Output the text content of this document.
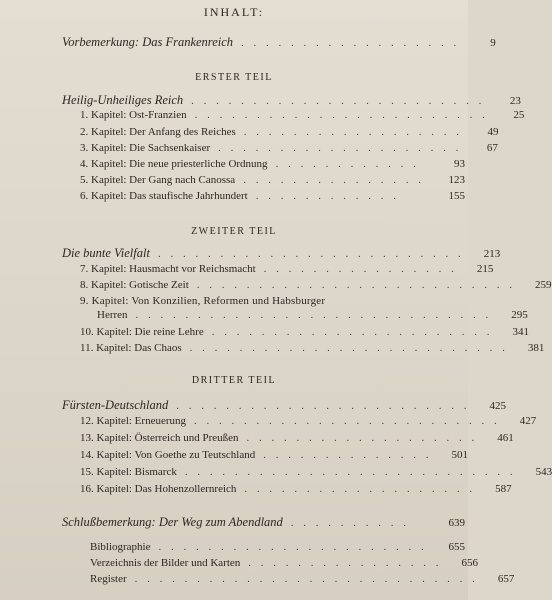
INHALT:
Vorbemerkung: Das Frankenreich . . . . . . . . . . . . . . . . . .	9
ERSTER TEIL
Heilig-Unheiliges Reich . . . . . . . . . . . . . . . . . . . . . . . .	23
1. Kapitel: Ost-Franzien . . . . . . . . . . . . . . . . . . . . . . . .	25
2. Kapitel: Der Anfang des Reiches . . . . . . . . . . . . . . . . . .	49
3. Kapitel: Die Sachsenkaiser . . . . . . . . . . . . . . . . . . . .	67
4. Kapitel: Die neue priesterliche Ordnung . . . . . . . . . . . .	93
5. Kapitel: Der Gang nach Canossa . . . . . . . . . . . . . . .	123
6. Kapitel: Das staufische Jahrhundert . . . . . . . . . . . .	155
ZWEITER TEIL
Die bunte Vielfalt . . . . . . . . . . . . . . . . . . . . . . . . .	213
7. Kapitel: Hausmacht vor Reichsmacht . . . . . . . . . . . . . . . .	215
8. Kapitel: Gotische Zeit . . . . . . . . . . . . . . . . . . . . . . . . . .	259
9. Kapitel: Von Konzilien, Reformen und Habsburger
Herren . . . . . . . . . . . . . . . . . . . . . . . . . . . . .	295
10. Kapitel: Die reine Lehre . . . . . . . . . . . . . . . . . . . . . . .	341
11. Kapitel: Das Chaos . . . . . . . . . . . . . . . . . . . . . . . . . .	381
DRITTER TEIL
Fürsten-Deutschland . . . . . . . . . . . . . . . . . . . . . . . .	425
12. Kapitel: Erneuerung . . . . . . . . . . . . . . . . . . . . . . . . .	427
13. Kapitel: Österreich und Preußen . . . . . . . . . . . . . . . . . . .	461
14. Kapitel: Von Goethe zu Teutschland . . . . . . . . . . . . . .	501
15. Kapitel: Bismarck . . . . . . . . . . . . . . . . . . . . . . . . . . .	543
16. Kapitel: Das Hohenzollernreich . . . . . . . . . . . . . . . . . . .	587
Schlußbemerkung: Der Weg zum Abendland . . . . . . . . . .	639
Bibliographie . . . . . . . . . . . . . . . . . . . . . .	655
Verzeichnis der Bilder und Karten . . . . . . . . . . . . . . . .	656
Register . . . . . . . . . . . . . . . . . . . . . . . . . . . .	657
